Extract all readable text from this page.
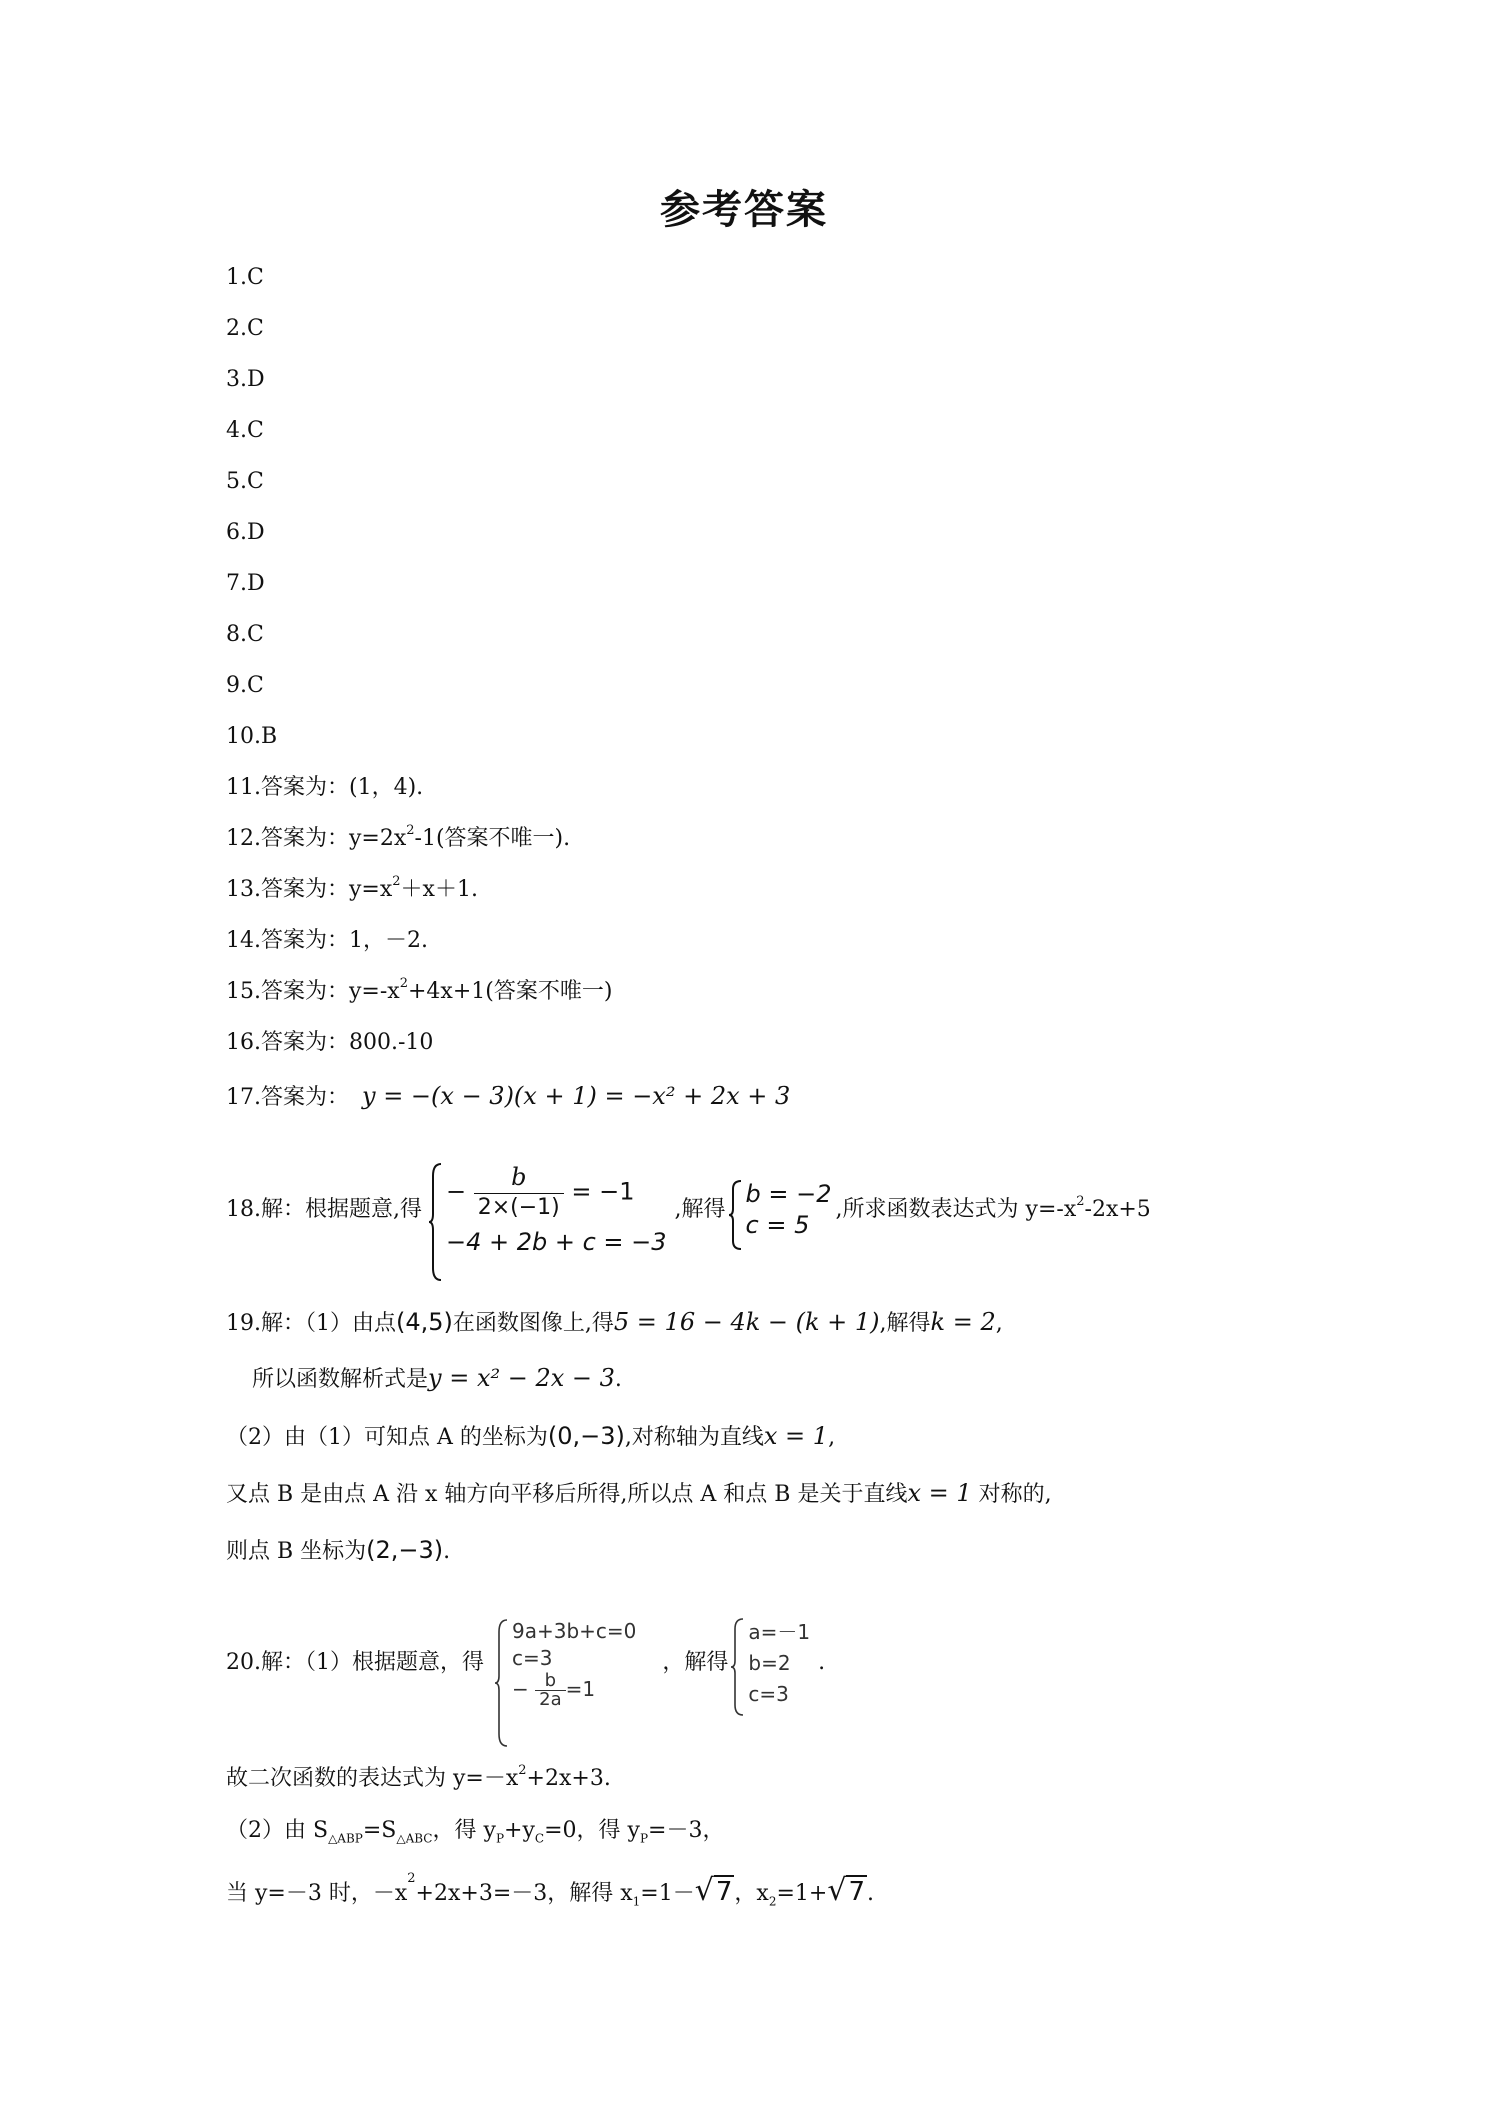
参考答案
1.C
2.C
3.D
4.C
5.C
6.D
7.D
8.C
9.C
10.B
11.答案为：(1，4).
12.答案为：$y=2x^2-1$(答案不唯一).
13.答案为：$y=x^2+x+1$.
14.答案为：1，－2.
15.答案为：$y=-x^2+4x+1$(答案不唯一)
16.答案为：800.-10
17.答案为： y = −(x − 3)(x + 1) = −x² + 2x + 3
18.解：根据题意,得
− $\frac{b}{2\times(-1)} = -1$
−4 + 2b + c = −3
,解得
b = −2
c = 5
,所求函数表达式为 $y=-x^2-2x+5$
19.解：（1）由点(4,5)在函数图像上,得5 = 16 − 4k − (k + 1),解得k = 2,
所以函数解析式是y = x² − 2x − 3.
（2）由（1）可知点 A 的坐标为(0,−3),对称轴为直线x = 1,
又点 B 是由点 A 沿 x 轴方向平移后所得,所以点 A 和点 B 是关于直线x = 1 对称的,
则点 B 坐标为(2,−3).
20.解：（1）根据题意，得
9a+3b+c=0
c=3
− $\frac{b}{2a} =1$
，解得
a=－1
b=2
c=3
.
故二次函数的表达式为 $y=-x^2+2x+3$.
（2）由 $S_{\triangle ABP}=S_{\triangle ABC}$，得 $y_P+y_C=0$，得 $y_P=-3$，
当 y=－3 时，$-x^2+2x+3=-3$，解得 $x_1=1-√7$，$x_2=1+√7$.
